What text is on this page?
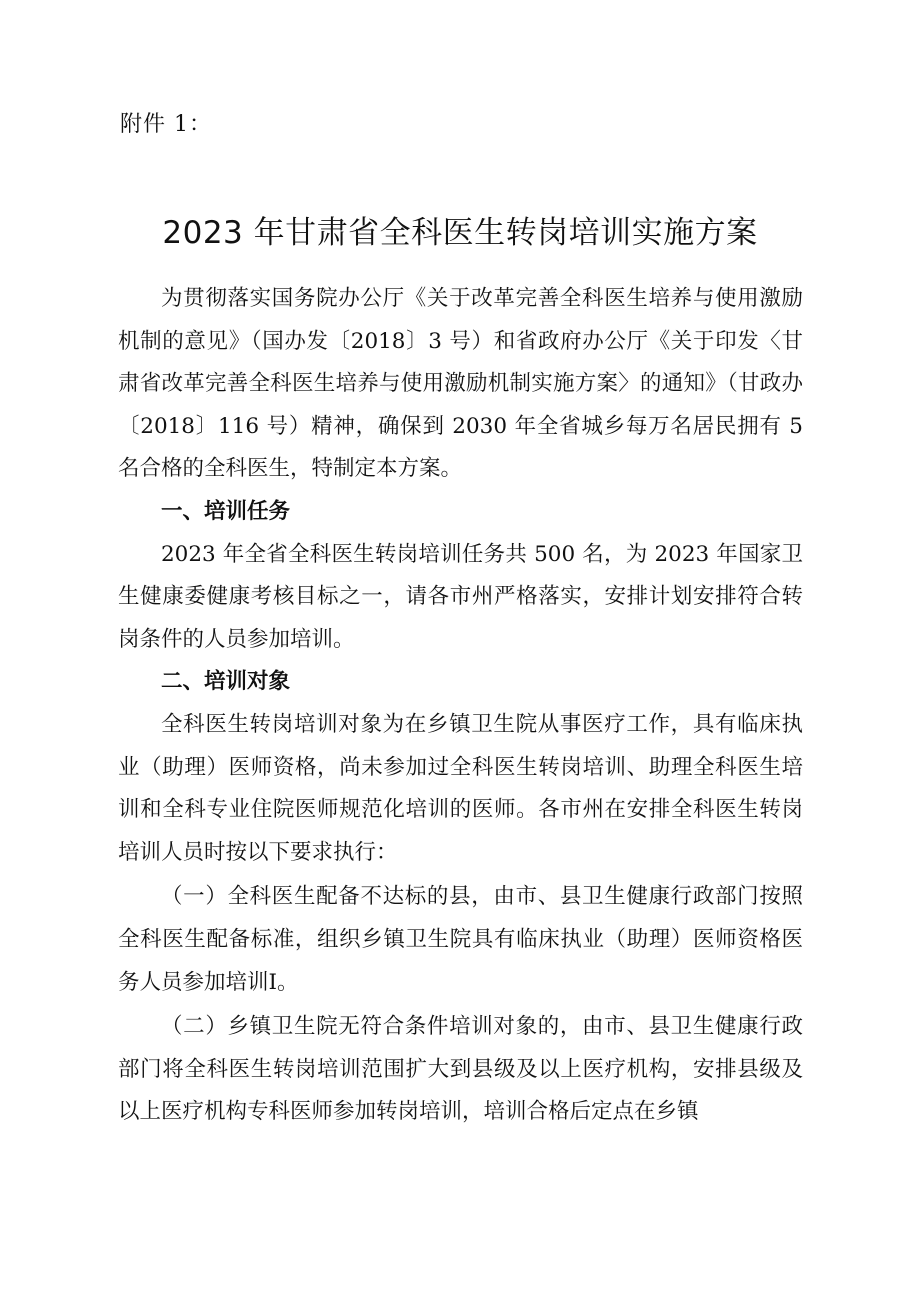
附件 1：
2023 年甘肃省全科医生转岗培训实施方案

为贯彻落实国务院办公厅《关于改革完善全科医生培养与使用激励机制的意见》（国办发〔2018〕3 号）和省政府办公厅《关于印发〈甘肃省改革完善全科医生培养与使用激励机制实施方案〉的通知》（甘政办〔2018〕116 号）精神，确保到 2030 年全省城乡每万名居民拥有 5 名合格的全科医生，特制定本方案。

一、培训任务

2023 年全省全科医生转岗培训任务共 500 名，为 2023 年国家卫生健康委健康考核目标之一，请各市州严格落实，安排计划安排符合转岗条件的人员参加培训。

二、培训对象

全科医生转岗培训对象为在乡镇卫生院从事医疗工作，具有临床执业（助理）医师资格，尚未参加过全科医生转岗培训、助理全科医生培训和全科专业住院医师规范化培训的医师。各市州在安排全科医生转岗培训人员时按以下要求执行：

（一）全科医生配备不达标的县，由市、县卫生健康行政部门按照全科医生配备标准，组织乡镇卫生院具有临床执业（助理）医师资格医务人员参加培训Ⅰ。

（二）乡镇卫生院无符合条件培训对象的，由市、县卫生健康行政部门将全科医生转岗培训范围扩大到县级及以上医疗机构，安排县级及以上医疗机构专科医师参加转岗培训，培训合格后定点在乡镇
